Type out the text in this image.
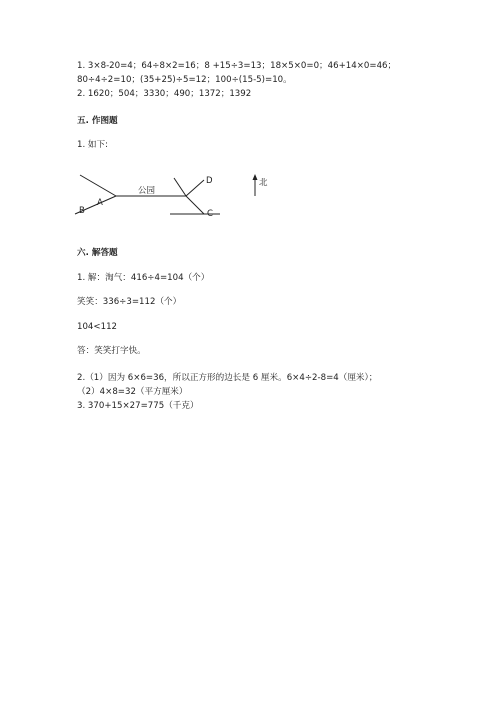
1. 3×8-20=4；64÷8×2=16；8 +15÷3=13；18×5×0=0；46+14×0=46；
80÷4÷2=10；(35+25)÷5=12；100÷(15-5)=10。
2. 1620；504；3330；490；1372；1392
五. 作图题
1. 如下:
A
B
公园
D
C
北
六. 解答题
1. 解：淘气：416÷4=104（个）
笑笑：336÷3=112（个）
104<112
答：笑笑打字快。
2.（1）因为 6×6=36，所以正方形的边长是 6 厘米。6×4÷2-8=4（厘米）；
（2）4×8=32（平方厘米）
3. 370+15×27=775（千克）
